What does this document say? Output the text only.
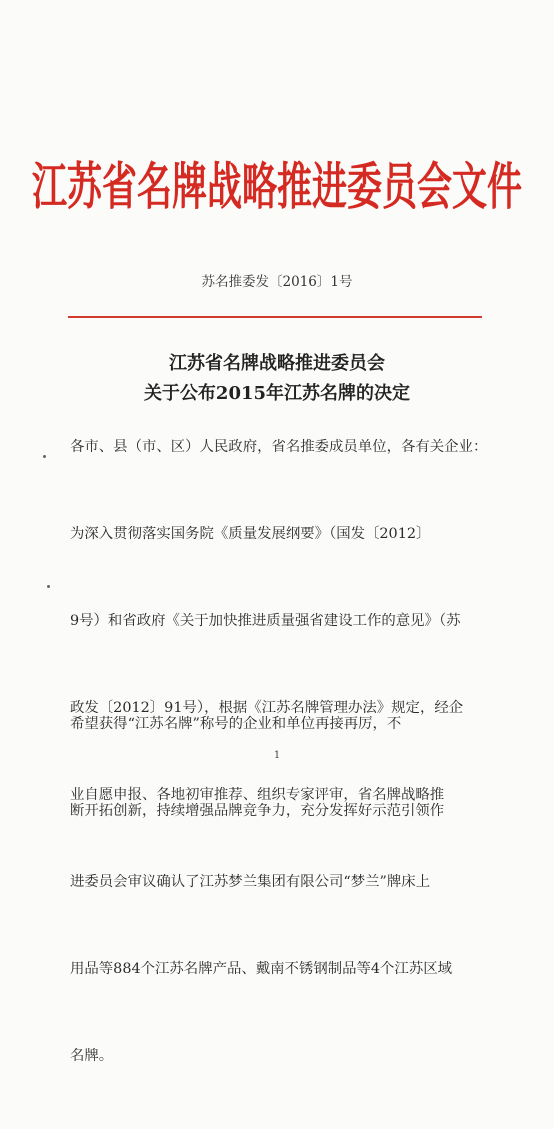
江苏省名牌战略推进委员会文件
苏名推委发〔2016〕1号
江苏省名牌战略推进委员会
关于公布2015年江苏名牌的决定
各市、县（市、区）人民政府，省名推委成员单位，各有关企业：

为深入贯彻落实国务院《质量发展纲要》（国发〔2012〕

9号）和省政府《关于加快推进质量强省建设工作的意见》（苏

政发〔2012〕91号），根据《江苏名牌管理办法》规定，经企

业自愿申报、各地初审推荐、组织专家评审，省名牌战略推

进委员会审议确认了江苏梦兰集团有限公司“梦兰”牌床上

用品等884个江苏名牌产品、戴南不锈钢制品等4个江苏区域

名牌。

希望获得“江苏名牌”称号的企业和单位再接再厉，不

断开拓创新，持续增强品牌竞争力，充分发挥好示范引领作

1
